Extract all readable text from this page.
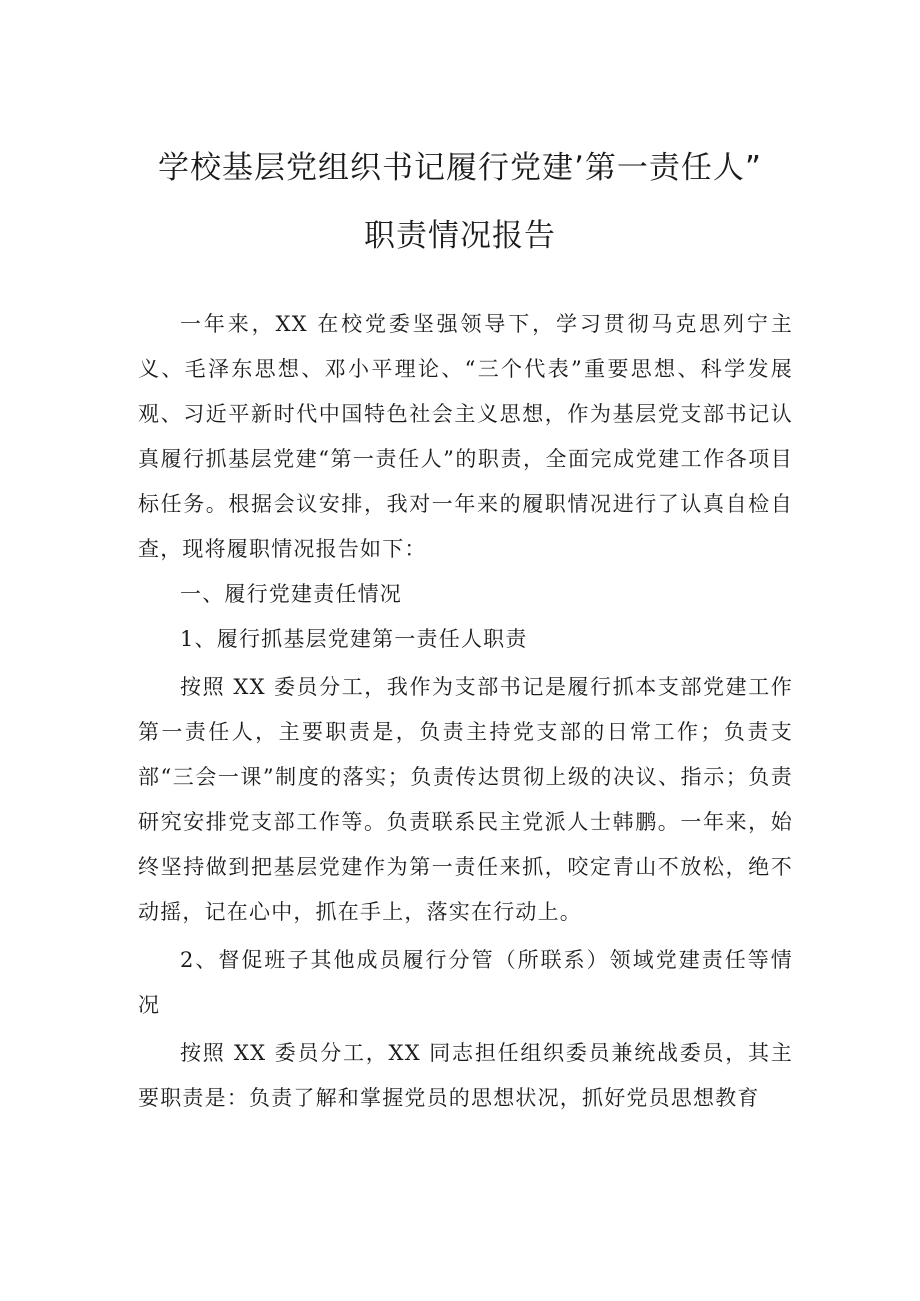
学校基层党组织书记履行党建’第一责任人”
职责情况报告

一年来，XX 在校党委坚强领导下，学习贯彻马克思列宁主义、毛泽东思想、邓小平理论、“三个代表”重要思想、科学发展观、习近平新时代中国特色社会主义思想，作为基层党支部书记认真履行抓基层党建“第一责任人”的职责，全面完成党建工作各项目标任务。根据会议安排，我对一年来的履职情况进行了认真自检自查，现将履职情况报告如下：

一、履行党建责任情况

1、履行抓基层党建第一责任人职责

按照 XX 委员分工，我作为支部书记是履行抓本支部党建工作第一责任人，主要职责是，负责主持党支部的日常工作；负责支部“三会一课”制度的落实；负责传达贯彻上级的决议、指示；负责研究安排党支部工作等。负责联系民主党派人士韩鹏。一年来，始终坚持做到把基层党建作为第一责任来抓，咬定青山不放松，绝不动摇，记在心中，抓在手上，落实在行动上。

2、督促班子其他成员履行分管（所联系）领域党建责任等情况

按照 XX 委员分工，XX 同志担任组织委员兼统战委员，其主要职责是：负责了解和掌握党员的思想状况，抓好党员思想教育
